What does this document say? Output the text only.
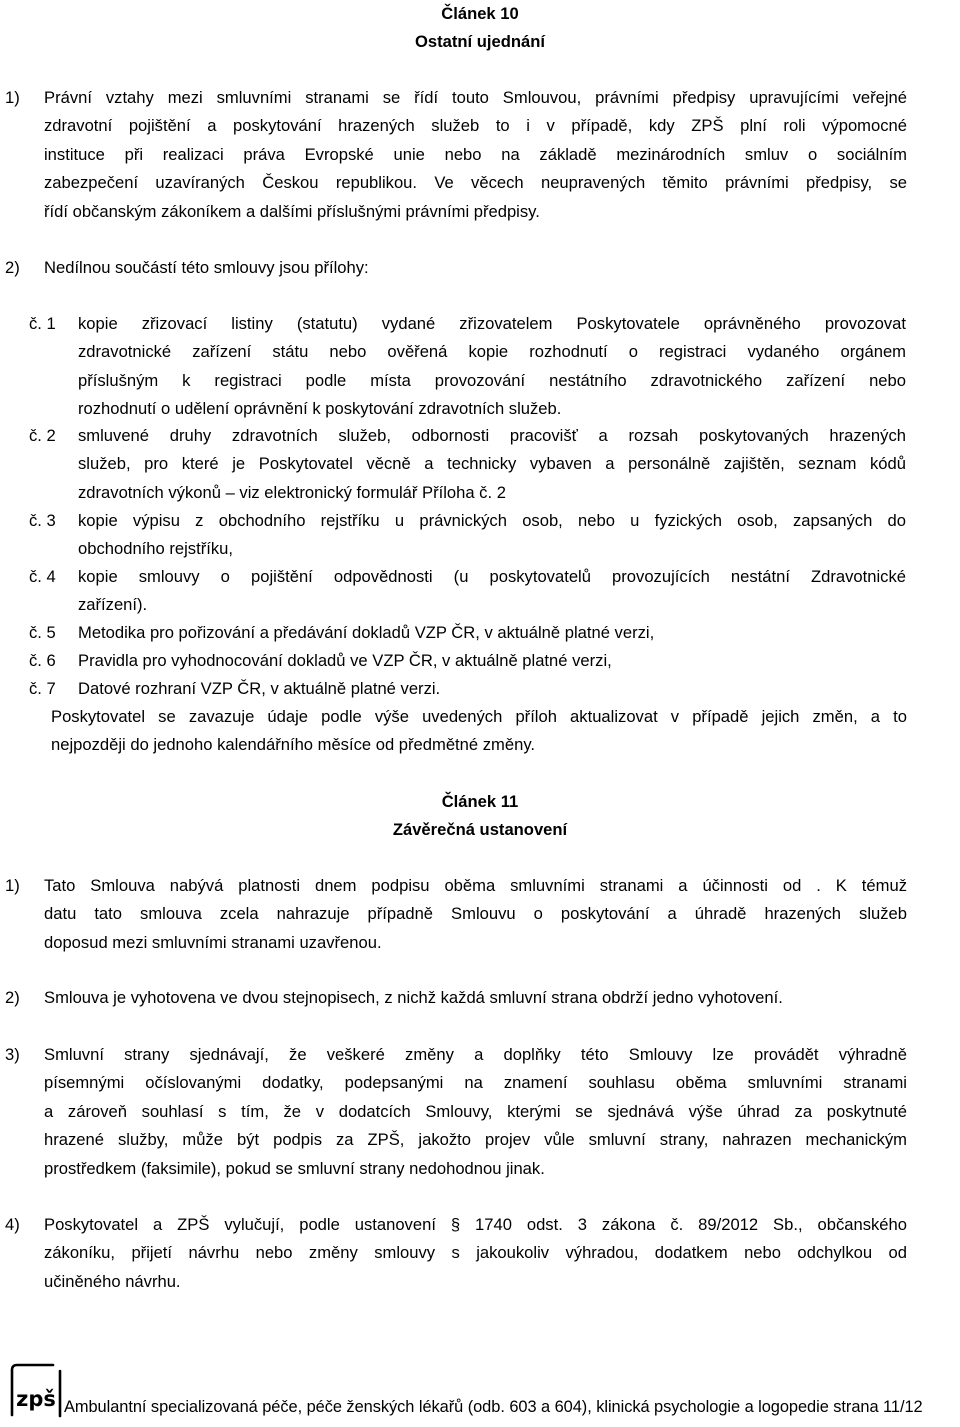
Článek 10
Ostatní ujednání
1) Právní vztahy mezi smluvními stranami se řídí touto Smlouvou, právními předpisy upravujícími veřejné
zdravotní pojištění a poskytování hrazených služeb to i v případě, kdy ZPŠ plní roli výpomocné
instituce při realizaci práva Evropské unie nebo na základě mezinárodních smluv o sociálním
zabezpečení uzavíraných Českou republikou. Ve věcech neupravených těmito právními předpisy, se
řídí občanským zákoníkem a dalšími příslušnými právními předpisy.
2) Nedílnou součástí této smlouvy jsou přílohy:
č. 1 kopie zřizovací listiny (statutu) vydané zřizovatelem Poskytovatele oprávněného provozovat
zdravotnické zařízení státu nebo ověřená kopie rozhodnutí o registraci vydaného orgánem
příslušným k registraci podle místa provozování nestátního zdravotnického zařízení nebo
rozhodnutí o udělení oprávnění k poskytování zdravotních služeb.
č. 2 smluvené druhy zdravotních služeb, odbornosti pracovišť a rozsah poskytovaných hrazených
služeb, pro které je Poskytovatel věcně a technicky vybaven a personálně zajištěn, seznam kódů
zdravotních výkonů – viz elektronický formulář Příloha č. 2
č. 3 kopie výpisu z obchodního rejstříku u právnických osob, nebo u fyzických osob, zapsaných do
obchodního rejstříku,
č. 4 kopie smlouvy o pojištění odpovědnosti (u poskytovatelů provozujících nestátní Zdravotnické
zařízení).
č. 5 Metodika pro pořizování a předávání dokladů VZP ČR, v aktuálně platné verzi,
č. 6 Pravidla pro vyhodnocování dokladů ve VZP ČR, v aktuálně platné verzi,
č. 7 Datové rozhraní VZP ČR, v aktuálně platné verzi.
Poskytovatel se zavazuje údaje podle výše uvedených příloh aktualizovat v případě jejich změn, a to
nejpozději do jednoho kalendářního měsíce od předmětné změny.
Článek 11
Závěrečná ustanovení
1) Tato Smlouva nabývá platnosti dnem podpisu oběma smluvními stranami a účinnosti od . K témuž
datu tato smlouva zcela nahrazuje případně Smlouvu o poskytování a úhradě hrazených služeb
doposud mezi smluvními stranami uzavřenou.
2) Smlouva je vyhotovena ve dvou stejnopisech, z nichž každá smluvní strana obdrží jedno vyhotovení.
3) Smluvní strany sjednávají, že veškeré změny a doplňky této Smlouvy lze provádět výhradně
písemnými očíslovanými dodatky, podepsanými na znamení souhlasu oběma smluvními stranami
a zároveň souhlasí s tím, že v dodatcích Smlouvy, kterými se sjednává výše úhrad za poskytnuté
hrazené služby, může být podpis za ZPŠ, jakožto projev vůle smluvní strany, nahrazen mechanickým
prostředkem (faksimile), pokud se smluvní strany nedohodnou jinak.
4) Poskytovatel a ZPŠ vylučují, podle ustanovení § 1740 odst. 3 zákona č. 89/2012 Sb., občanského
zákoníku, přijetí návrhu nebo změny smlouvy s jakoukoliv výhradou, dodatkem nebo odchylkou od
učiněného návrhu.
zpš Ambulantní specializovaná péče, péče ženských lékařů (odb. 603 a 604), klinická psychologie a logopedie strana 11/12
